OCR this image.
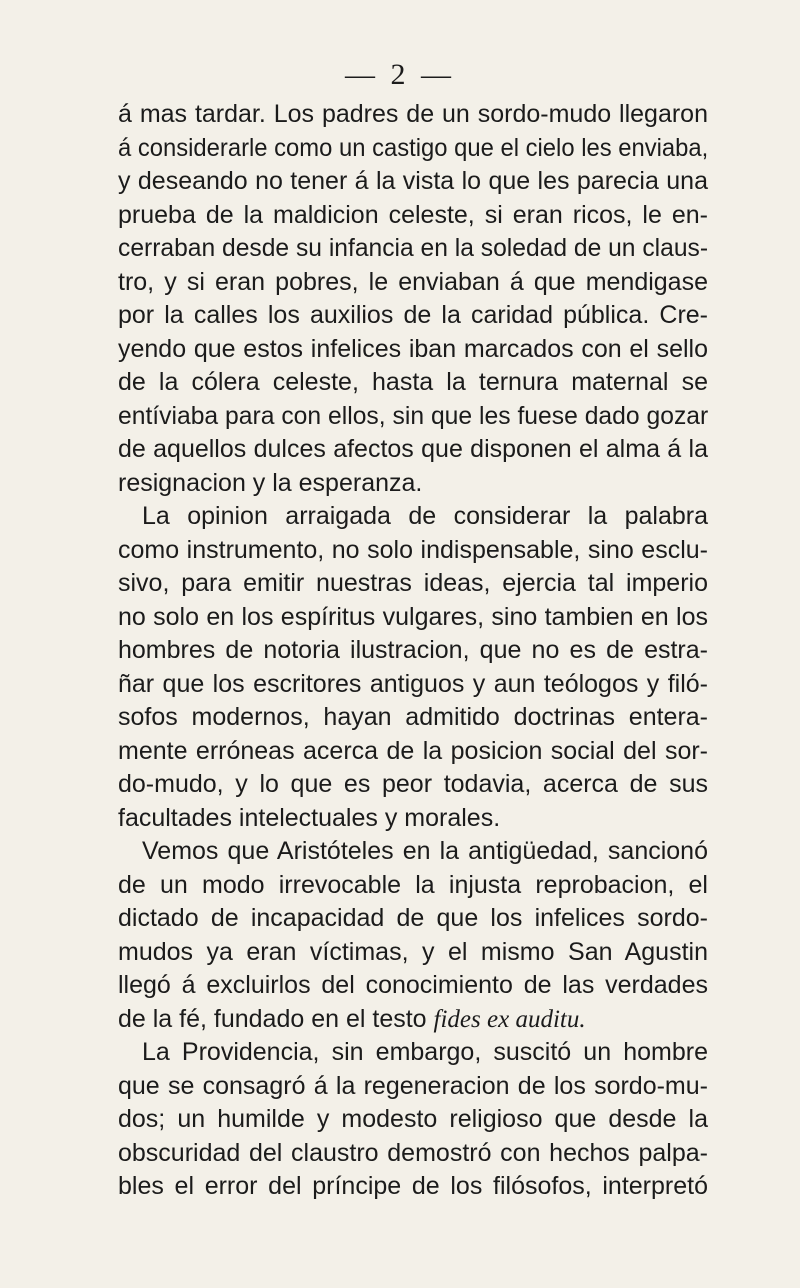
— 2 —
á mas tardar. Los padres de un sordo-mudo llegaron
á considerarle como un castigo que el cielo les enviaba,
y deseando no tener á la vista lo que les parecia una
prueba de la maldicion celeste, si eran ricos, le en-
cerraban desde su infancia en la soledad de un claus-
tro, y si eran pobres, le enviaban á que mendigase
por la calles los auxilios de la caridad pública. Cre-
yendo que estos infelices iban marcados con el sello
de la cólera celeste, hasta la ternura maternal se
entíviaba para con ellos, sin que les fuese dado gozar
de aquellos dulces afectos que disponen el alma á la
resignacion y la esperanza.
La opinion arraigada de considerar la palabra
como instrumento, no solo indispensable, sino esclu-
sivo, para emitir nuestras ideas, ejercia tal imperio
no solo en los espíritus vulgares, sino tambien en los
hombres de notoria ilustracion, que no es de estra-
ñar que los escritores antiguos y aun teólogos y filó-
sofos modernos, hayan admitido doctrinas entera-
mente erróneas acerca de la posicion social del sor-
do-mudo, y lo que es peor todavia, acerca de sus
facultades intelectuales y morales.
Vemos que Aristóteles en la antigüedad, sancionó
de un modo irrevocable la injusta reprobacion, el
dictado de incapacidad de que los infelices sordo-
mudos ya eran víctimas, y el mismo San Agustin
llegó á excluirlos del conocimiento de las verdades
de la fé, fundado en el testo fides ex auditu.
La Providencia, sin embargo, suscitó un hombre
que se consagró á la regeneracion de los sordo-mu-
dos; un humilde y modesto religioso que desde la
obscuridad del claustro demostró con hechos palpa-
bles el error del príncipe de los filósofos, interpretó
